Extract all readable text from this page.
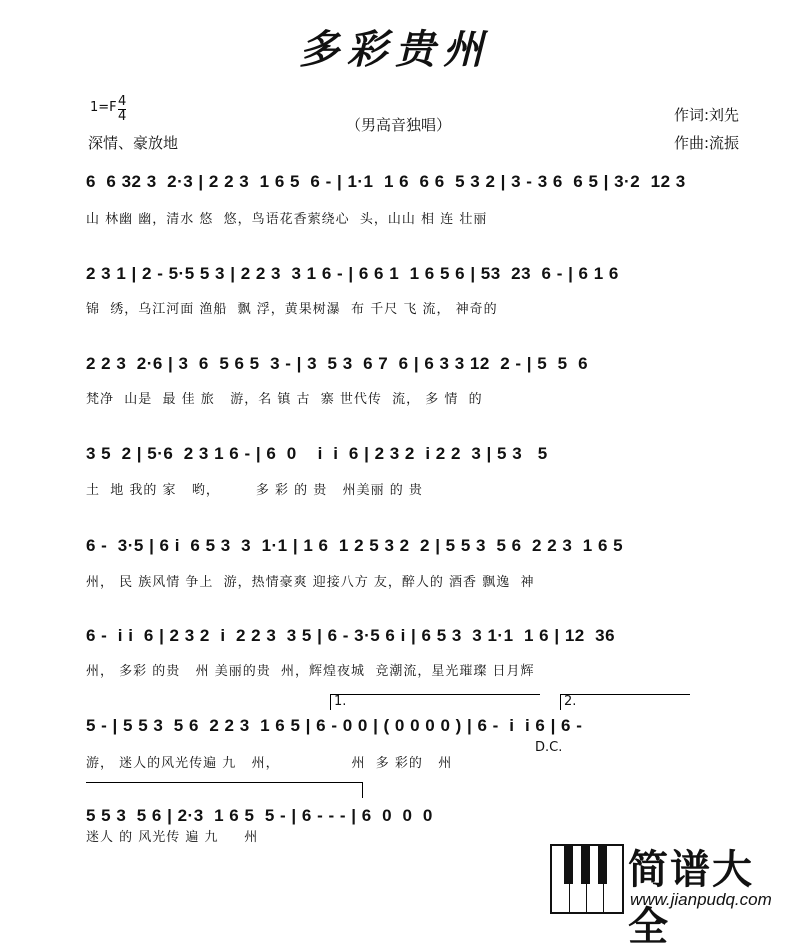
多彩贵州
1=F 4
4
深情、豪放地
（男高音独唱）
作词:刘先
作曲:流振
6  6 32 3  2·3 | 2 2 3  1 6 5  6 - | 1·1  1 6  6 6  5 3 2 | 3 - 3 6  6 5 | 3·2  12 3
山 林幽 幽，清水 悠  悠，鸟语花香萦绕心  头，山山 相 连 壮丽
2 3 1 | 2 - 5·5 5 3 | 2 2 3  3 1 6 - | 6 6 1  1 6 5 6 | 53  23  6 - | 6 1 6
锦  绣，乌江河面 渔船  飘 浮，黄果树瀑  布 千尺 飞 流， 神奇的
2 2 3  2·6 | 3  6  5 6 5  3 - | 3  5 3  6 7  6 | 6 3 3 12  2 - | 5  5  6
梵净  山是  最 佳 旅   游，名 镇 古  寨 世代传  流， 多 情  的
3 5  2 | 5·6  2 3 1 6 - | 6  0    i  i  6 | 2 3 2  i 2 2  3 | 5 3   5
土  地 我的 家   哟，       多 彩 的 贵   州美丽 的 贵
6 -  3·5 | 6 i  6 5 3  3  1·1 | 1 6  1 2 5 3 2  2 | 5 5 3  5 6  2 2 3  1 6 5
州， 民 族风情 争上  游，热情豪爽 迎接八方 友，醉人的 酒香 飘逸  神
6 -  i i  6 | 2 3 2  i  2 2 3  3 5 | 6 - 3·5 6 i | 6 5 3  3 1·1  1 6 | 12  36
州， 多彩 的贵   州 美丽的贵  州，辉煌夜城  竞潮流，星光璀璨 日月辉
1.	2.
5 - | 5 5 3  5 6  2 2 3  1 6 5 | 6 - 0 0 | ( 0 0 0 0 ) | 6 -  i  i 6 | 6 -
D.C.
游， 迷人的风光传遍 九   州，              州  多 彩的   州
5 5 3  5 6 | 2·3  1 6 5  5 - | 6 - - - | 6  0  0  0
迷人 的 风光传 遍 九     州
简谱大全
www.jianpudq.com
